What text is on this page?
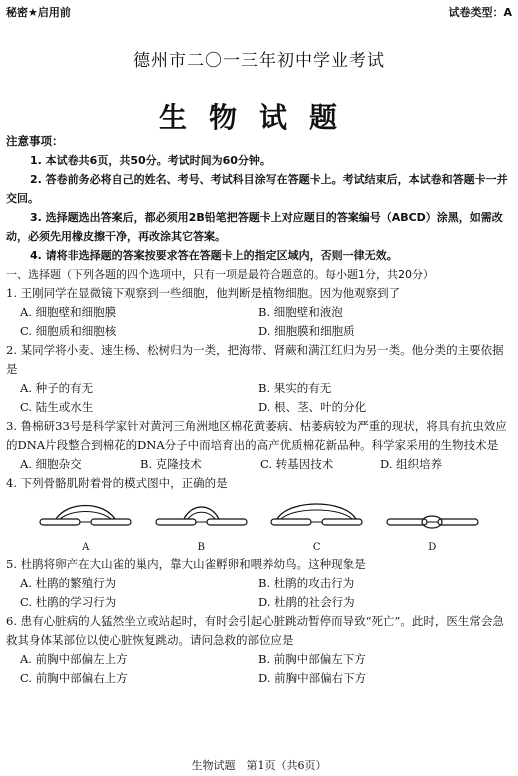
秘密★启用前	试卷类型：A
德州市二〇一三年初中学业考试
生物试题
注意事项：
1. 本试卷共6页，共50分。考试时间为60分钟。
2. 答卷前务必将自己的姓名、考号、考试科目涂写在答题卡上。考试结束后，本试卷和答题卡一并交回。
3. 选择题选出答案后，都必须用2B铅笔把答题卡上对应题目的答案编号（ABCD）涂黑，如需改动，必须先用橡皮擦干净，再改涂其它答案。
4. 请将非选择题的答案按要求答在答题卡上的指定区域内，否则一律无效。
一、选择题（下列各题的四个选项中，只有一项是最符合题意的。每小题1分，共20分）
1. 王刚同学在显微镜下观察到一些细胞，他判断是植物细胞。因为他观察到了
A. 细胞壁和细胞膜	B. 细胞壁和液泡
C. 细胞质和细胞核	D. 细胞膜和细胞质
2. 某同学将小麦、速生杨、松树归为一类，把海带、肾蕨和满江红归为另一类。他分类的主要依据是
A. 种子的有无	B. 果实的有无
C. 陆生或水生	D. 根、茎、叶的分化
3. 鲁棉研33号是科学家针对黄河三角洲地区棉花黄萎病、枯萎病较为严重的现状，将具有抗虫效应的DNA片段整合到棉花的DNA分子中而培育出的高产优质棉花新品种。科学家采用的生物技术是
A. 细胞杂交	B. 克隆技术	C. 转基因技术	D. 组织培养
4. 下列骨骼肌附着骨的模式图中，正确的是
A	B	C	D
5. 杜鹃将卵产在大山雀的巢内，靠大山雀孵卵和喂养幼鸟。这种现象是
A. 杜鹃的繁殖行为	B. 杜鹃的攻击行为
C. 杜鹃的学习行为	D. 杜鹃的社会行为
6. 患有心脏病的人猛然坐立或站起时，有时会引起心脏跳动暂停而导致“死亡”。此时，医生常会急救其身体某部位以使心脏恢复跳动。请问急救的部位应是
A. 前胸中部偏左上方	B. 前胸中部偏左下方
C. 前胸中部偏右上方	D. 前胸中部偏右下方
生物试题　第1页（共6页）
